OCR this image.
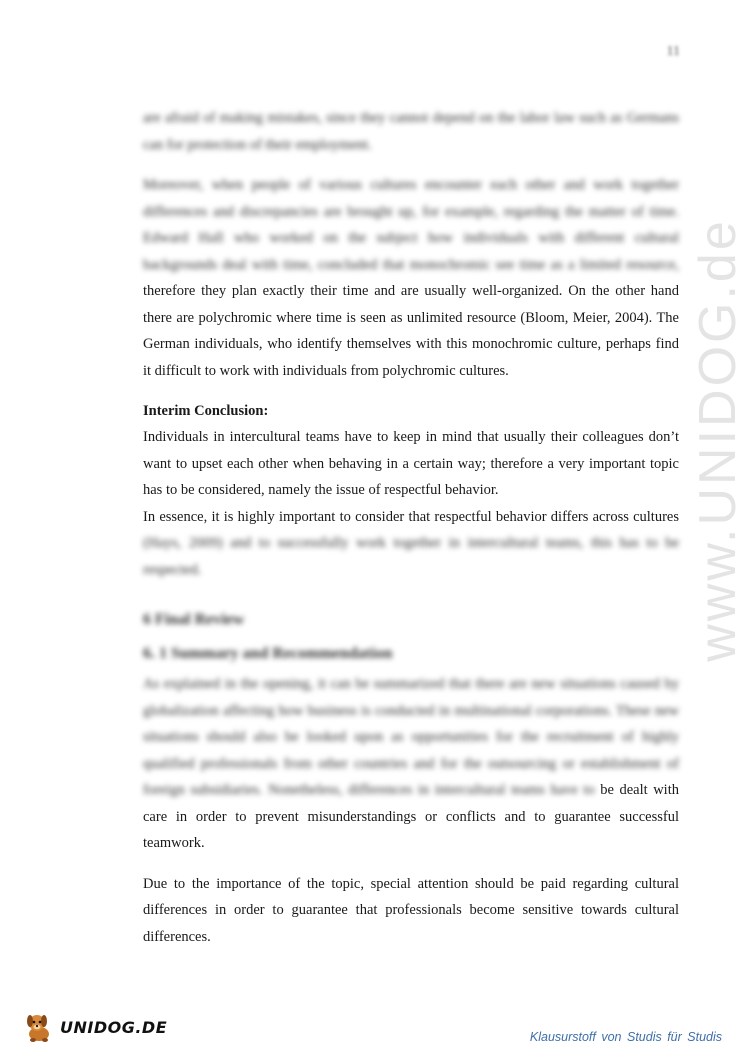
11
www.UNIDOG.de

are afraid of making mistakes, since they cannot depend on the labor law such as Germans can for protection of their employment.

Moreover, when people of various cultures encounter each other and work together differences and discrepancies are brought up, for example, regarding the matter of time. Edward Hall who worked on the subject how individuals with different cultural backgrounds deal with time, concluded that monochromic see time as a limited resource, therefore they plan exactly their time and are usually well-organized. On the other hand there are polychromic where time is seen as unlimited resource (Bloom, Meier, 2004). The German individuals, who identify themselves with this monochromic culture, perhaps find it difficult to work with individuals from polychromic cultures.

Interim Conclusion:

Individuals in intercultural teams have to keep in mind that usually their colleagues don’t want to upset each other when behaving in a certain way; therefore a very important topic has to be considered, namely the issue of respectful behavior.

In essence, it is highly important to consider that respectful behavior differs across cultures (Hays, 2009) and to successfully work together in intercultural teams, this has to be respected.

6 Final Review
6. 1 Summary and Recommendation

As explained in the opening, it can be summarized that there are new situations caused by globalization affecting how business is conducted in multinational corporations. These new situations should also be looked upon as opportunities for the recruitment of highly qualified professionals from other countries and for the outsourcing or establishment of foreign subsidiaries. Nonetheless, differences in intercultural teams have to be dealt with care in order to prevent misunderstandings or conflicts and to guarantee successful teamwork.

Due to the importance of the topic, special attention should be paid regarding cultural differences in order to guarantee that professionals become sensitive towards cultural differences.

UNIDOG.DE
Klausurstoff von Studis für Studis
